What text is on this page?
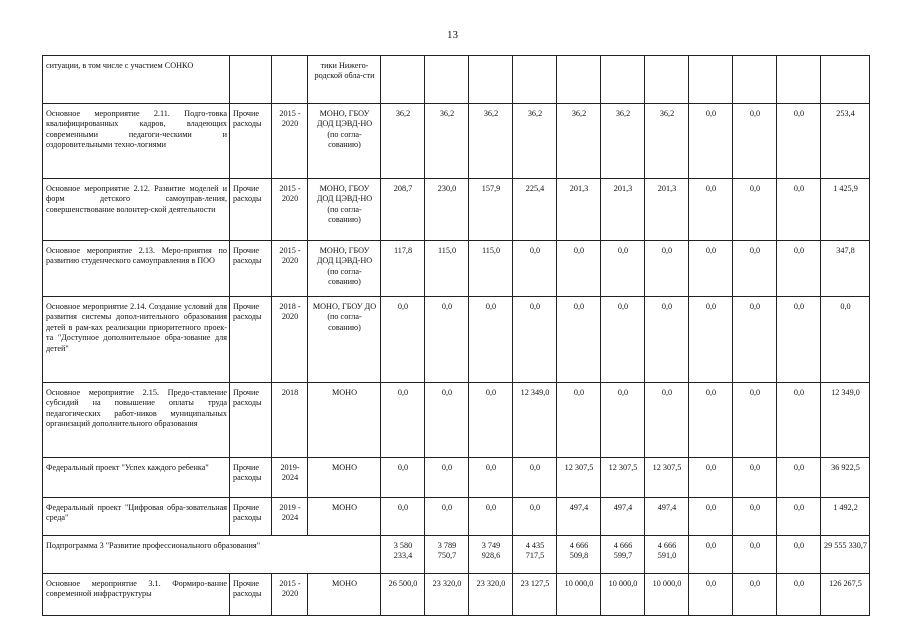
13
ситуации, в том числе с участием СОНКО			тики Нижего-родской обла-сти											
Основное мероприятие 2.11. Подго-товка квалифицированных кадров, владеющих современными педагоги-ческими и оздоровительными техно-логиями	Прочие расходы	2015 - 2020	МОНО, ГБОУ ДОД ЦЭВД-НО (по согла-сованию)	36,2	36,2	36,2	36,2	36,2	36,2	36,2	0,0	0,0	0,0	253,4
Основное мероприятие 2.12. Развитие моделей и форм детского самоуправ-ления, совершенствование волонтер-ской деятельности	Прочие расходы	2015 - 2020	МОНО, ГБОУ ДОД ЦЭВД-НО (по согла-сованию)	208,7	230,0	157,9	225,4	201,3	201,3	201,3	0,0	0,0	0,0	1 425,9
Основное мероприятие 2.13. Меро-приятия по развитию студенческого самоуправления в ПОО	Прочие расходы	2015 - 2020	МОНО, ГБОУ ДОД ЦЭВД-НО (по согла-сованию)	117,8	115,0	115,0	0,0	0,0	0,0	0,0	0,0	0,0	0,0	347,8
Основное мероприятие 2.14. Создание условий для развития системы допол-нительного образования детей в рам-ках реализации приоритетного проек-та "Доступное дополнительное обра-зование для детей"	Прочие расходы	2018 - 2020	МОНО, ГБОУ ДО (по согла-сованию)	0,0	0,0	0,0	0,0	0,0	0,0	0,0	0,0	0,0	0,0	0,0
Основное мероприятие 2.15. Предо-ставление субсидий на повышение оплаты труда педагогических работ-ников муниципальных организаций дополнительного образования	Прочие расходы	2018	МОНО	0,0	0,0	0,0	12 349,0	0,0	0,0	0,0	0,0	0,0	0,0	12 349,0
Федеральный проект "Успех каждого ребенка"	Прочие расходы	2019-2024	МОНО	0,0	0,0	0,0	0,0	12 307,5	12 307,5	12 307,5	0,0	0,0	0,0	36 922,5
Федеральный проект "Цифровая обра-зовательная среда"	Прочие расходы	2019 - 2024	МОНО	0,0	0,0	0,0	0,0	497,4	497,4	497,4	0,0	0,0	0,0	1 492,2
Подпрограмма 3 "Развитие профессионального образования"				3 580 233,4	3 789 750,7	3 749 928,6	4 435 717,5	4 666 509,8	4 666 599,7	4 666 591,0	0,0	0,0	0,0	29 555 330,7
Основное мероприятие 3.1. Формиро-вание современной инфраструктуры	Прочие расходы	2015 - 2020	МОНО	26 500,0	23 320,0	23 320,0	23 127,5	10 000,0	10 000,0	10 000,0	0,0	0,0	0,0	126 267,5
